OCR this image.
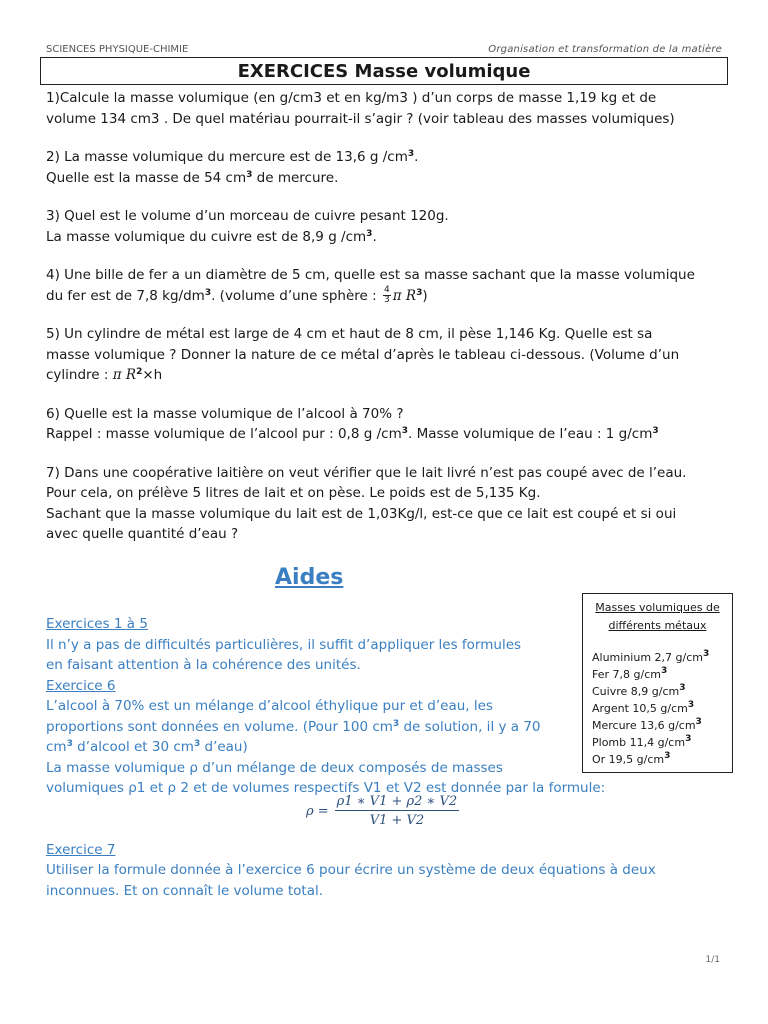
SCIENCES PHYSIQUE-CHIMIE	Organisation et transformation de la matière
EXERCICES Masse volumique

1)Calcule la masse volumique (en g/cm3 et en kg/m3 ) d’un corps de masse 1,19 kg et de

volume 134 cm3 . De quel matériau pourrait-il s’agir ? (voir tableau des masses volumiques)

2) La masse volumique du mercure est de 13,6 g $/cm^3$.

Quelle est la masse de 54 $cm^3$ de mercure.

3) Quel est le volume d’un morceau de cuivre pesant 120g.

La masse volumique du cuivre est de 8,9 g $/cm^3$.

4) Une bille de fer a un diamètre de 5 cm, quelle est sa masse sachant que la masse volumique

du fer est de 7,8 $kg/dm^3$. (volume d’une sphère : $\frac{4}{3}$ π $R^3$)

5) Un cylindre de métal est large de 4 cm et haut de 8 cm, il pèse 1,146 Kg. Quelle est sa

masse volumique ? Donner la nature de ce métal d’après le tableau ci-dessous. (Volume d’un

cylindre : π $R^2\times h$

6) Quelle est la masse volumique de l’alcool à 70% ?

Rappel : masse volumique de l’alcool pur : 0,8 g $/cm^3$. Masse volumique de l’eau : 1 $g/cm^3$

7) Dans une coopérative laitière on veut vérifier que le lait livré n’est pas coupé avec de l’eau.

Pour cela, on prélève 5 litres de lait et on pèse. Le poids est de 5,135 Kg.

Sachant que la masse volumique du lait est de 1,03Kg/l, est-ce que ce lait est coupé et si oui

avec quelle quantité d’eau ?

Aides

Exercices 1 à 5

Il n’y a pas de difficultés particulières, il suffit d’appliquer les formules

en faisant attention à la cohérence des unités.

Exercice 6

L’alcool à 70% est un mélange d’alcool éthylique pur et d’eau, les

proportions sont données en volume. (Pour 100 $cm^3$ de solution, il y a 70

$cm^3$ d’alcool et 30 $cm^3$ d’eau)

La masse volumique ρ d’un mélange de deux composés de masses

volumiques ρ1 et ρ 2 et de volumes respectifs V1 et V2 est donnée par la formule:

Exercice 7

Utiliser la formule donnée à l’exercice 6 pour écrire un système de deux équations à deux

inconnues. Et on connaît le volume total.

$\rho = \frac{\rho 1 ∗ V1 + \rho 2 ∗ V2}{V1 + V2}$
Masses volumiques de
différents métaux
Aluminium 2,7 $g/cm^3$
Fer 7,8 $g/cm^3$
Cuivre 8,9 $g/cm^3$
Argent 10,5 $g/cm^3$
Mercure 13,6 $g/cm^3$
Plomb 11,4 $g/cm^3$
Or 19,5 $g/cm^3$
1/1
